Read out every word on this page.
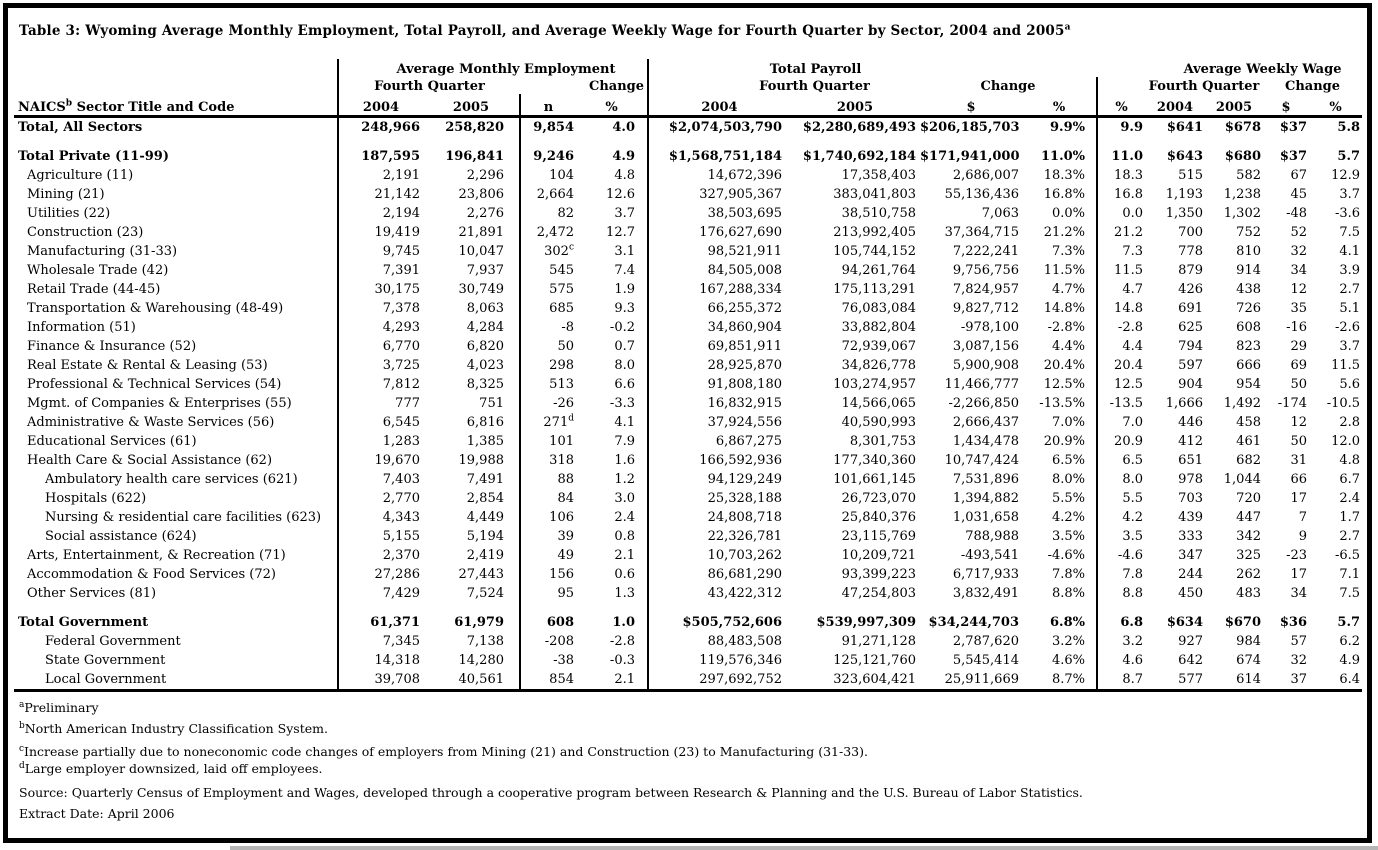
Table 3: Wyoming Average Monthly Employment, Total Payroll, and Average Weekly Wage for Fourth Quarter by Sector, 2004 and 2005$^a$
	Average Monthly Employment				Total Payroll					Average Weekly Wage			
	Fourth Quarter		Change		Fourth Quarter		Change			Fourth Quarter		Change	
NAICS$^b$ Sector Title and Code	2004	2005	n	%	2004	2005	$	%	%	2004	2005	$	%
Total, All Sectors	248,966	258,820	9,854	4.0	$2,074,503,790	$2,280,689,493	$206,185,703	9.9%	9.9	$641	$678	$37	5.8

Total Private (11-99)	187,595	196,841	9,246	4.9	$1,568,751,184	$1,740,692,184	$171,941,000	11.0%	11.0	$643	$680	$37	5.7
Agriculture (11)	2,191	2,296	104	4.8	14,672,396	17,358,403	2,686,007	18.3%	18.3	515	582	67	12.9
Mining (21)	21,142	23,806	2,664	12.6	327,905,367	383,041,803	55,136,436	16.8%	16.8	1,193	1,238	45	3.7
Utilities (22)	2,194	2,276	82	3.7	38,503,695	38,510,758	7,063	0.0%	0.0	1,350	1,302	-48	-3.6
Construction (23)	19,419	21,891	2,472	12.7	176,627,690	213,992,405	37,364,715	21.2%	21.2	700	752	52	7.5
Manufacturing (31-33)	9,745	10,047	302$^c$	3.1	98,521,911	105,744,152	7,222,241	7.3%	7.3	778	810	32	4.1
Wholesale Trade (42)	7,391	7,937	545	7.4	84,505,008	94,261,764	9,756,756	11.5%	11.5	879	914	34	3.9
Retail Trade (44-45)	30,175	30,749	575	1.9	167,288,334	175,113,291	7,824,957	4.7%	4.7	426	438	12	2.7
Transportation & Warehousing (48-49)	7,378	8,063	685	9.3	66,255,372	76,083,084	9,827,712	14.8%	14.8	691	726	35	5.1
Information (51)	4,293	4,284	-8	-0.2	34,860,904	33,882,804	-978,100	-2.8%	-2.8	625	608	-16	-2.6
Finance & Insurance (52)	6,770	6,820	50	0.7	69,851,911	72,939,067	3,087,156	4.4%	4.4	794	823	29	3.7
Real Estate & Rental & Leasing (53)	3,725	4,023	298	8.0	28,925,870	34,826,778	5,900,908	20.4%	20.4	597	666	69	11.5
Professional & Technical Services (54)	7,812	8,325	513	6.6	91,808,180	103,274,957	11,466,777	12.5%	12.5	904	954	50	5.6
Mgmt. of Companies & Enterprises (55)	777	751	-26	-3.3	16,832,915	14,566,065	-2,266,850	-13.5%	-13.5	1,666	1,492	-174	-10.5
Administrative & Waste Services (56)	6,545	6,816	271$^d$	4.1	37,924,556	40,590,993	2,666,437	7.0%	7.0	446	458	12	2.8
Educational Services (61)	1,283	1,385	101	7.9	6,867,275	8,301,753	1,434,478	20.9%	20.9	412	461	50	12.0
Health Care & Social Assistance (62)	19,670	19,988	318	1.6	166,592,936	177,340,360	10,747,424	6.5%	6.5	651	682	31	4.8
Ambulatory health care services (621)	7,403	7,491	88	1.2	94,129,249	101,661,145	7,531,896	8.0%	8.0	978	1,044	66	6.7
Hospitals (622)	2,770	2,854	84	3.0	25,328,188	26,723,070	1,394,882	5.5%	5.5	703	720	17	2.4
Nursing & residential care facilities (623)	4,343	4,449	106	2.4	24,808,718	25,840,376	1,031,658	4.2%	4.2	439	447	7	1.7
Social assistance (624)	5,155	5,194	39	0.8	22,326,781	23,115,769	788,988	3.5%	3.5	333	342	9	2.7
Arts, Entertainment, & Recreation (71)	2,370	2,419	49	2.1	10,703,262	10,209,721	-493,541	-4.6%	-4.6	347	325	-23	-6.5
Accommodation & Food Services (72)	27,286	27,443	156	0.6	86,681,290	93,399,223	6,717,933	7.8%	7.8	244	262	17	7.1
Other Services (81)	7,429	7,524	95	1.3	43,422,312	47,254,803	3,832,491	8.8%	8.8	450	483	34	7.5

Total Government	61,371	61,979	608	1.0	$505,752,606	$539,997,309	$34,244,703	6.8%	6.8	$634	$670	$36	5.7
Federal Government	7,345	7,138	-208	-2.8	88,483,508	91,271,128	2,787,620	3.2%	3.2	927	984	57	6.2
State Government	14,318	14,280	-38	-0.3	119,576,346	125,121,760	5,545,414	4.6%	4.6	642	674	32	4.9
Local Government	39,708	40,561	854	2.1	297,692,752	323,604,421	25,911,669	8.7%	8.7	577	614	37	6.4
$^a$Preliminary
$^b$North American Industry Classification System.
$^c$Increase partially due to noneconomic code changes of employers from Mining (21) and Construction (23) to Manufacturing (31-33).
$^d$Large employer downsized, laid off employees.
Source: Quarterly Census of Employment and Wages, developed through a cooperative program between Research & Planning and the U.S. Bureau of Labor Statistics.
Extract Date: April 2006
